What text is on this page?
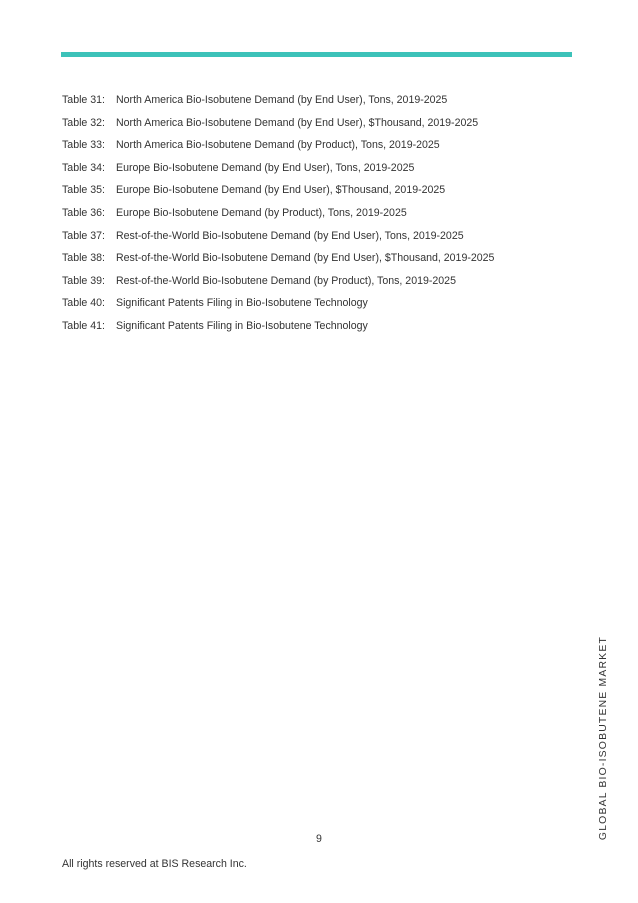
Table 31:	North America Bio-Isobutene Demand (by End User), Tons, 2019-2025
Table 32:	North America Bio-Isobutene Demand (by End User), $Thousand, 2019-2025
Table 33:	North America Bio-Isobutene Demand (by Product), Tons, 2019-2025
Table 34:	Europe Bio-Isobutene Demand (by End User), Tons, 2019-2025
Table 35:	Europe Bio-Isobutene Demand (by End User), $Thousand, 2019-2025
Table 36:	Europe Bio-Isobutene Demand (by Product), Tons, 2019-2025
Table 37:	Rest-of-the-World Bio-Isobutene Demand (by End User), Tons, 2019-2025
Table 38:	Rest-of-the-World Bio-Isobutene Demand (by End User), $Thousand, 2019-2025
Table 39:	Rest-of-the-World Bio-Isobutene Demand (by Product), Tons, 2019-2025
Table 40:	Significant Patents Filing in Bio-Isobutene Technology
Table 41:	Significant Patents Filing in Bio-Isobutene Technology
GLOBAL BIO-ISOBUTENE MARKET
9
All rights reserved at BIS Research Inc.
